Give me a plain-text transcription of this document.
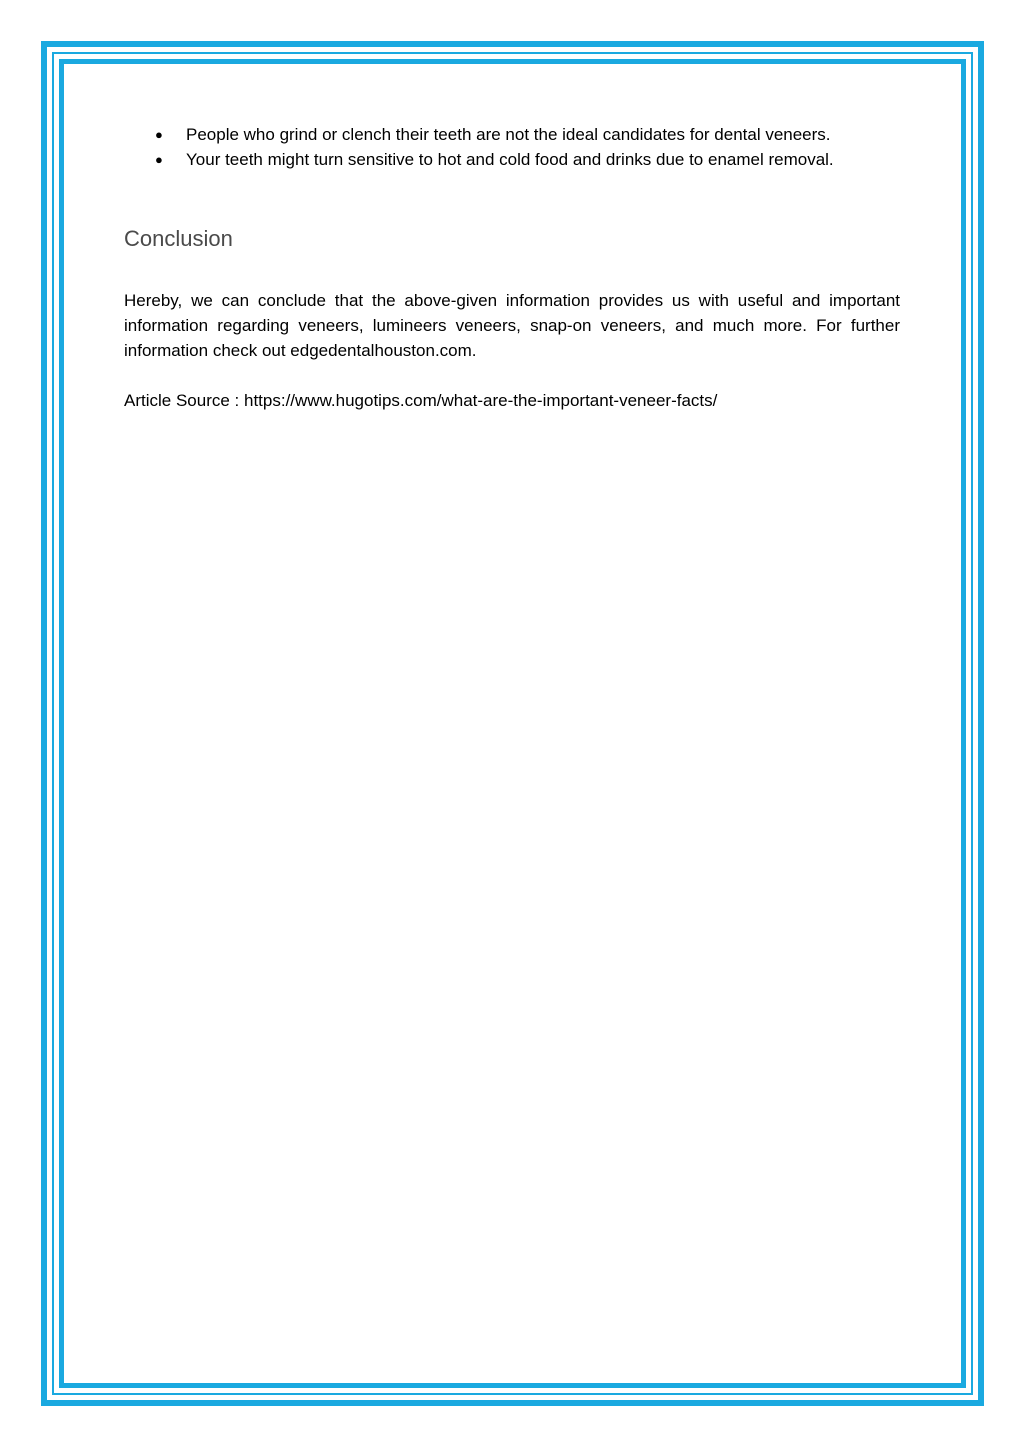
● People who grind or clench their teeth are not the ideal candidates for dental veneers.
● Your teeth might turn sensitive to hot and cold food and drinks due to enamel removal.
Conclusion

Hereby, we can conclude that the above-given information provides us with useful and important information regarding veneers, lumineers veneers, snap-on veneers, and much more. For further information check out edgedentalhouston.com.

Article Source : https://www.hugotips.com/what-are-the-important-veneer-facts/
